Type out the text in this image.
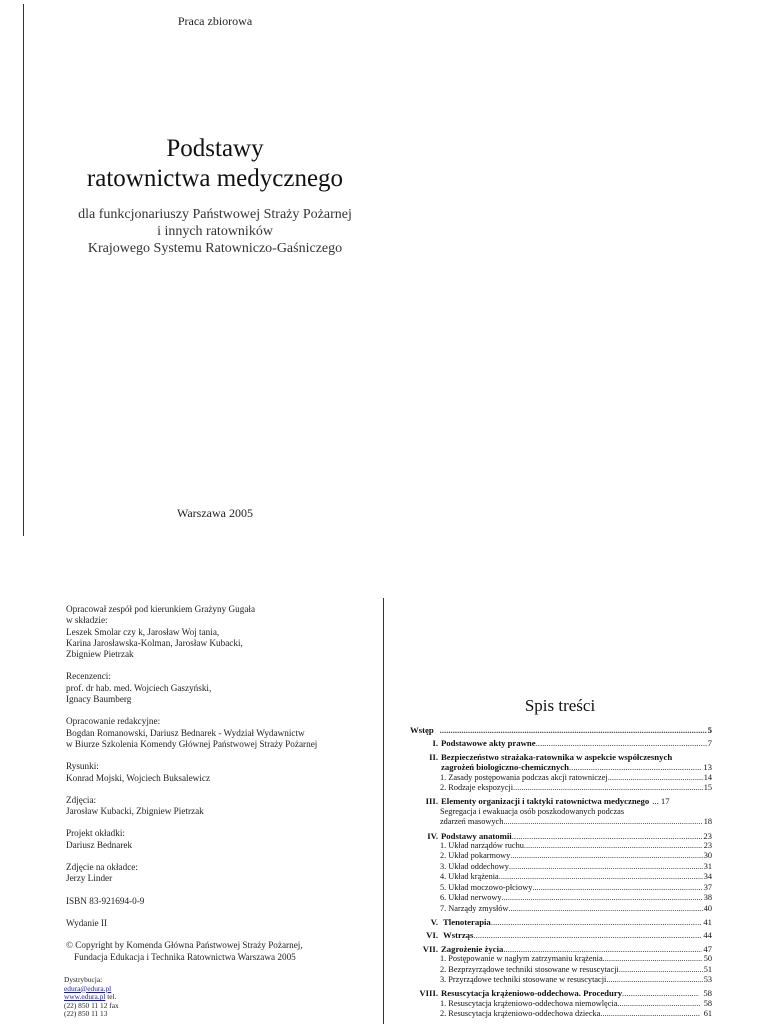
Praca zbiorowa
Podstawy
ratownictwa medycznego
dla funkcjonariuszy Państwowej Straży Pożarnej
i innych ratowników
Krajowego Systemu Ratowniczo-Gaśniczego
Warszawa 2005
Opracował zespół pod kierunkiem Grażyny Gugała
w składzie:
Leszek Smolar czy k, Jarosław Woj tania,
Karina Jarosławska-Kolman, Jarosław Kubacki,
Zbigniew Pietrzak
Recenzenci:
prof. dr hab. med. Wojciech Gaszyński,
Ignacy Baumberg
Opracowanie redakcyjne:
Bogdan Romanowski, Dariusz Bednarek - Wydział Wydawnictw
w Biurze Szkolenia Komendy Głównej Państwowej Straży Pożarnej
Rysunki:
Konrad Mojski, Wojciech Buksalewicz
Zdjęcia:
Jarosław Kubacki, Zbigniew Pietrzak
Projekt okładki:
Dariusz Bednarek
Zdjęcie na okładce:
Jerzy Linder
ISBN 83-921694-0-9
Wydanie II
© Copyright by Komenda Główna Państwowej Straży Pożarnej,
Fundacja Edukacja i Technika Ratownictwa Warszawa 2005
Dystrybucja:
edura@edura.pl
www.edura.pl tel.
(22) 850 11 12 fax
(22) 850 11 13
Spis treści
Wstęp .....	5
I. Podstawowe akty prawne .....	7
II. Bezpieczeństwo strażaka-ratownika w aspekcie współczesnych
zagrożeń biologiczno-chemicznych .....	13
1. Zasady postępowania podczas akcji ratowniczej .....	14
2. Rodzaje ekspozycji .....	15
III. Elementy organizacji i taktyki ratownictwa medycznego ... 17
Segregacja i ewakuacja osób poszkodowanych podczas
zdarzeń masowych .....	18
IV. Podstawy anatomii .....	23
1. Układ narządów ruchu .....	23
2. Układ pokarmowy .....	30
3. Układ oddechowy .....	31
4. Układ krążenia .....	34
5. Układ moczowo-płciowy .....	37
6. Układ nerwowy .....	38
7. Narządy zmysłów .....	40
V. Tlenoterapia .....	41
VI. Wstrząs .....	44
VII. Zagrożenie życia .....	47
1. Postępowanie w nagłym zatrzymaniu krążenia .....	50
2. Bezprzyrządowe techniki stosowane w resuscytacji .....	51
3. Przyrządowe techniki stosowane w resuscytacji .....	53
VIII. Resuscytacja krążeniowo-oddechowa. Procedury .....	58
1. Resuscytacja krążeniowo-oddechowa niemowlęcia .....	58
2. Resuscytacja krążeniowo-oddechowa dziecka .....	61
